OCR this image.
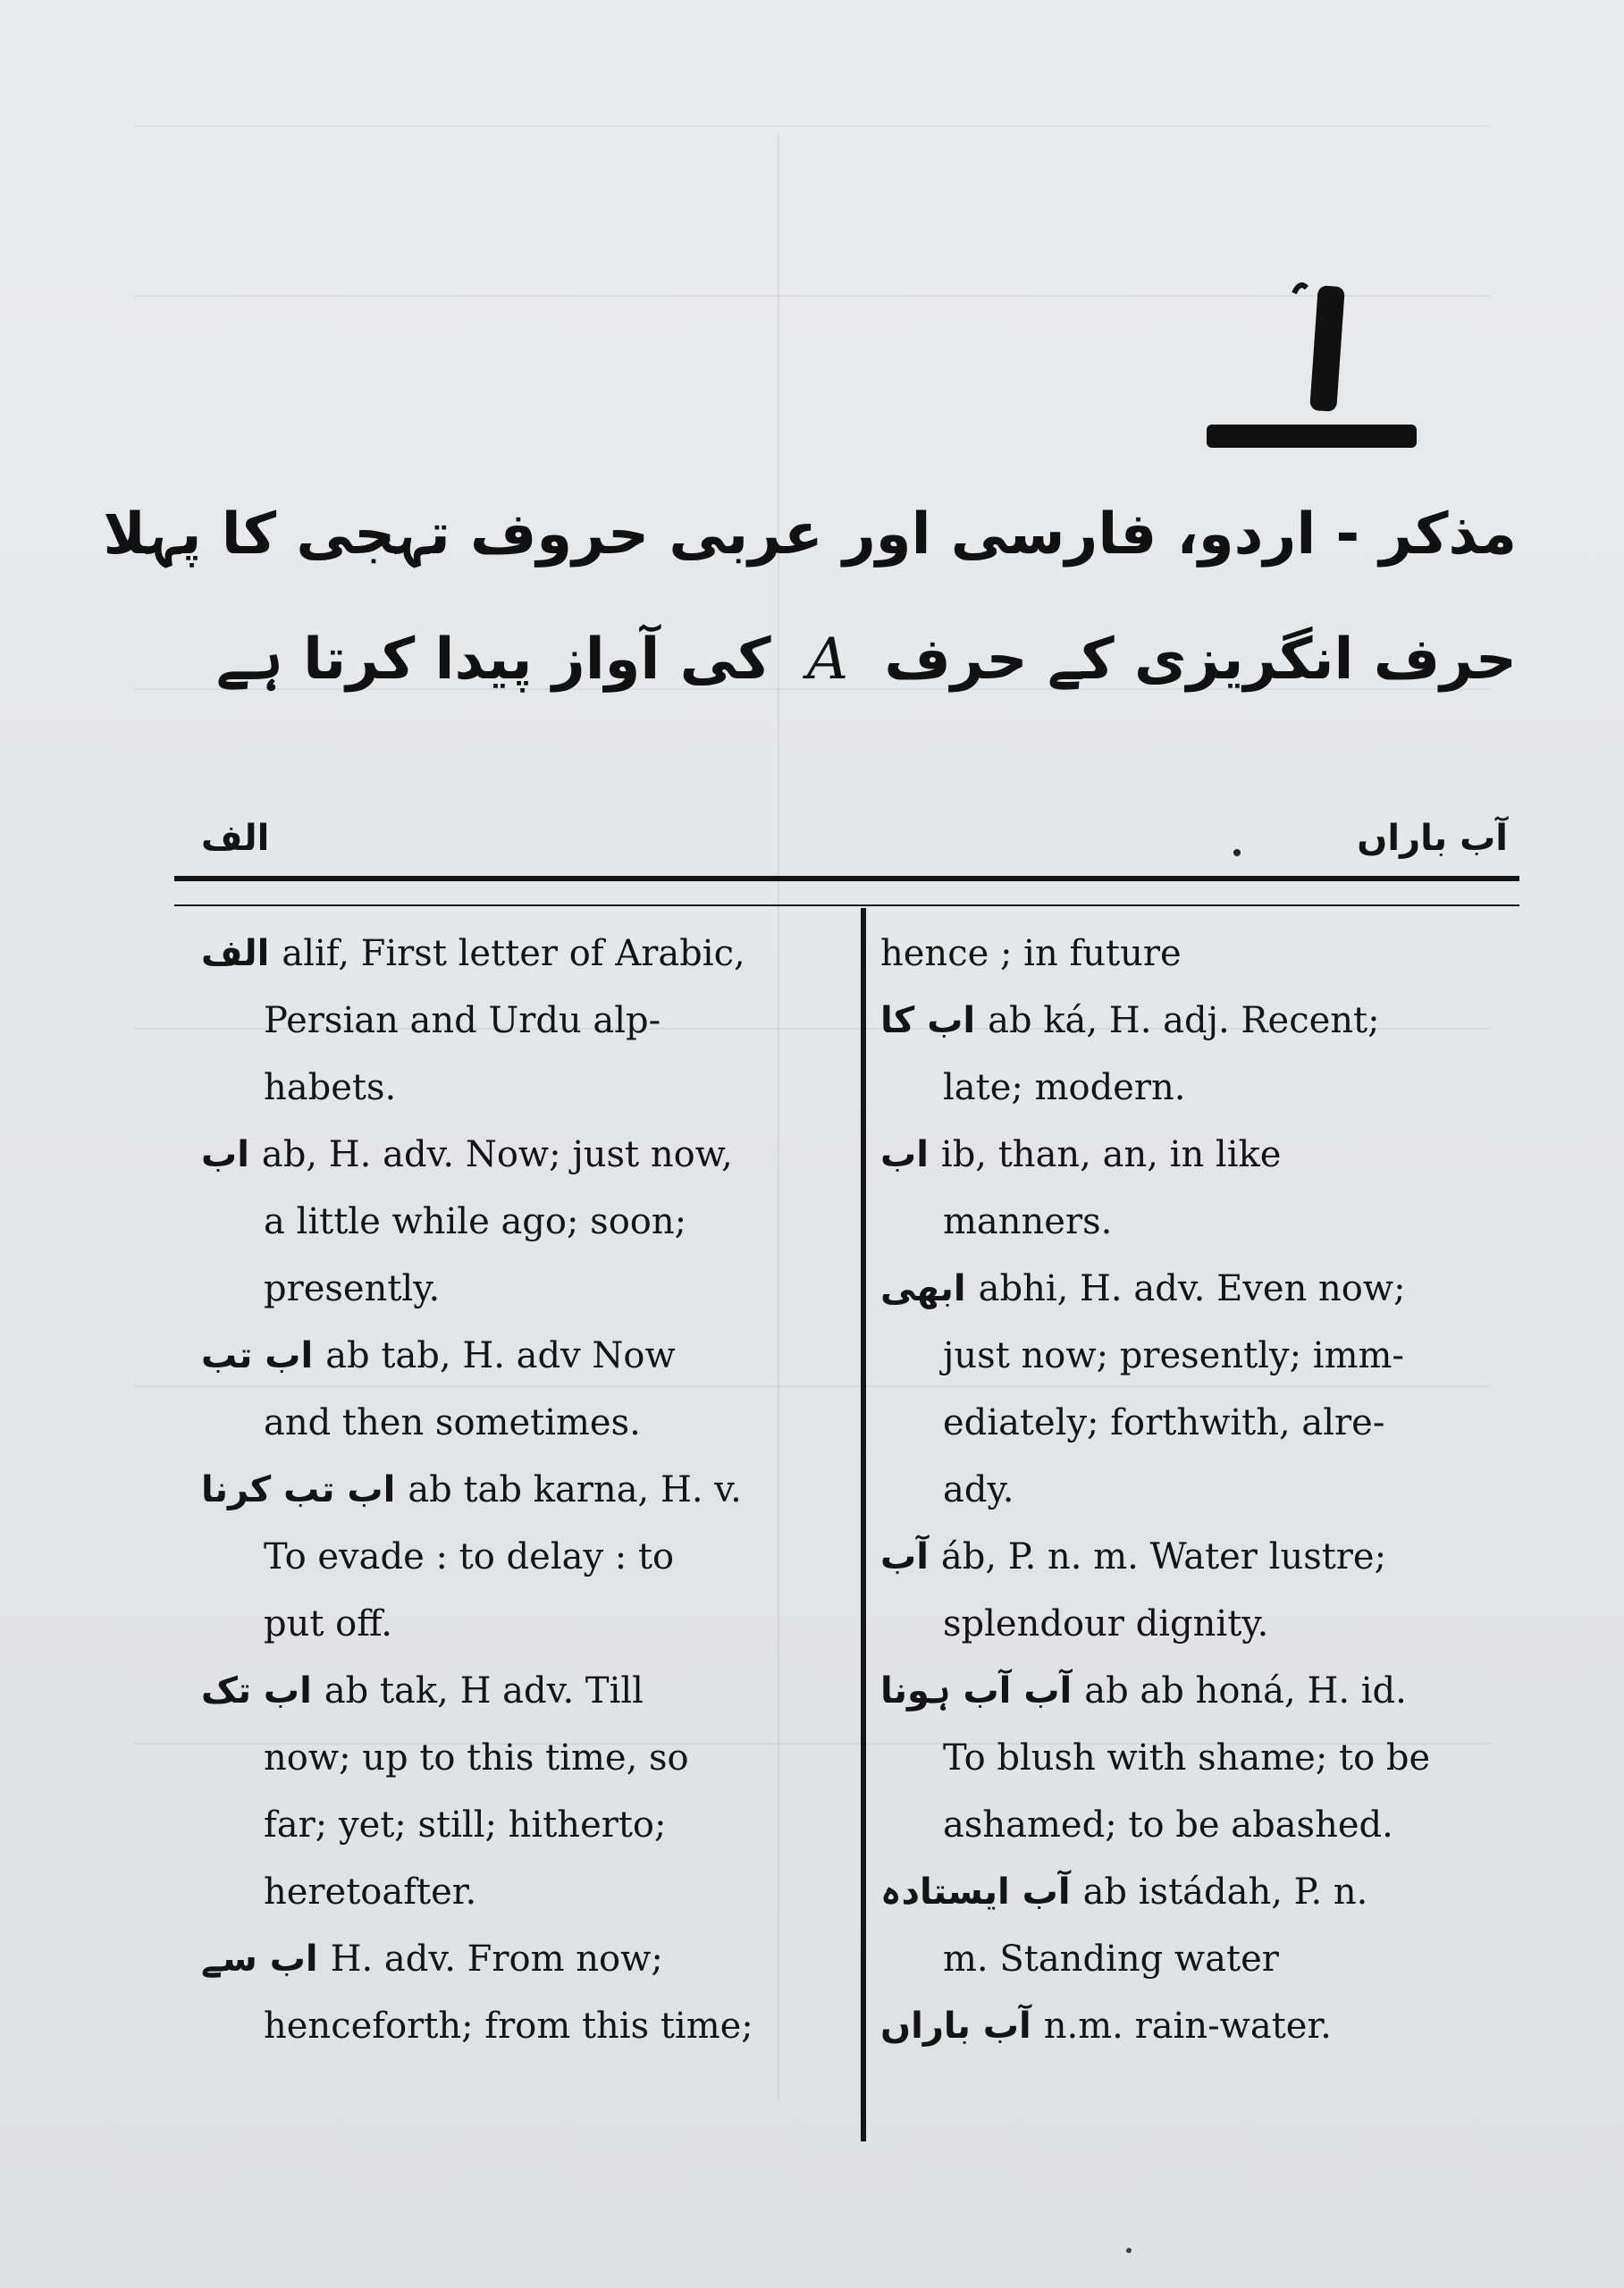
مذکر - اردو، فارسی اور عربی حروف تہجی کا پہلا
حرف انگریزی کے حرف A کی آواز پیدا کرتا ہے
الف	آب باراں
الف alif, First letter of Arabic,
Persian and Urdu alp-
habets.
اب ab, H. adv. Now; just now,
a little while ago; soon;
presently.
اب تب ab tab, H. adv Now
and then sometimes.
اب تب کرنا ab tab karna, H. v.
To evade : to delay : to
put off.
اب تک ab tak, H adv. Till
now; up to this time, so
far; yet; still; hitherto;
heretoafter.
اب سے H. adv. From now;
henceforth; from this time;
hence ; in future
اب کا ab ká, H. adj. Recent;
late; modern.
اب ib, than, an, in like
manners.
ابھی abhi, H. adv. Even now;
just now; presently; imm-
ediately; forthwith, alre-
ady.
آب áb, P. n. m. Water lustre;
splendour dignity.
آب آب ہونا ab ab honá, H. id.
To blush with shame; to be
ashamed; to be abashed.
آب ایستادہ ab istádah, P. n.
m. Standing water
آب باراں n.m. rain-water.
